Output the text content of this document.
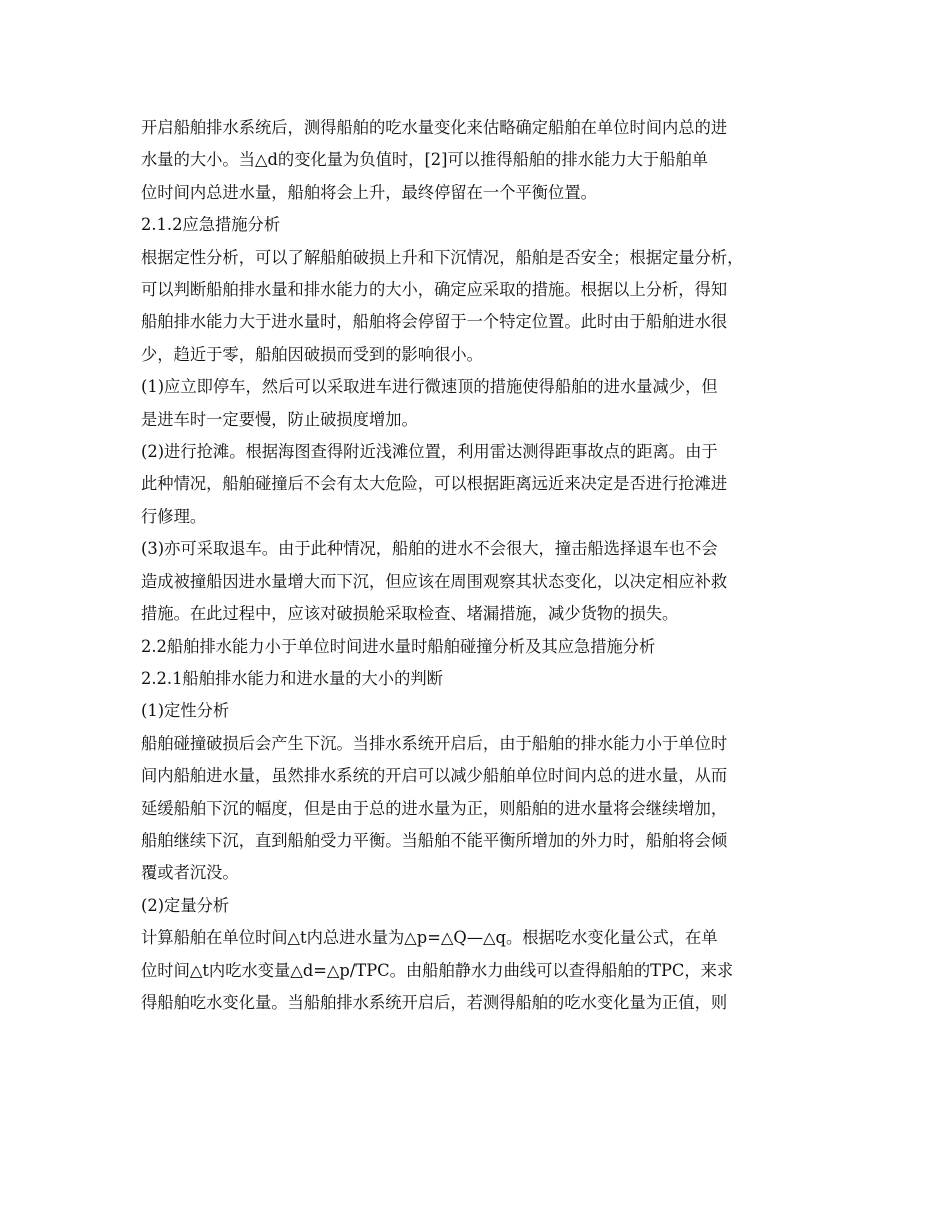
开启船舶排水系统后，测得船舶的吃水量变化来估略确定船舶在单位时间内总的进
水量的大小。当△d的变化量为负值时，[2]可以推得船舶的排水能力大于船舶单
位时间内总进水量，船舶将会上升，最终停留在一个平衡位置。
2.1.2应急措施分析
根据定性分析，可以了解船舶破损上升和下沉情况，船舶是否安全；根据定量分析，
可以判断船舶排水量和排水能力的大小，确定应采取的措施。根据以上分析，得知
船舶排水能力大于进水量时，船舶将会停留于一个特定位置。此时由于船舶进水很
少，趋近于零，船舶因破损而受到的影响很小。
(1)应立即停车，然后可以采取进车进行微速顶的措施使得船舶的进水量减少，但
是进车时一定要慢，防止破损度增加。
(2)进行抢滩。根据海图查得附近浅滩位置，利用雷达测得距事故点的距离。由于
此种情况，船舶碰撞后不会有太大危险，可以根据距离远近来决定是否进行抢滩进
行修理。
(3)亦可采取退车。由于此种情况，船舶的进水不会很大，撞击船选择退车也不会
造成被撞船因进水量增大而下沉，但应该在周围观察其状态变化，以决定相应补救
措施。在此过程中，应该对破损舱采取检查、堵漏措施，减少货物的损失。
2.2船舶排水能力小于单位时间进水量时船舶碰撞分析及其应急措施分析
2.2.1船舶排水能力和进水量的大小的判断
(1)定性分析
船舶碰撞破损后会产生下沉。当排水系统开启后，由于船舶的排水能力小于单位时
间内船舶进水量，虽然排水系统的开启可以减少船舶单位时间内总的进水量，从而
延缓船舶下沉的幅度，但是由于总的进水量为正，则船舶的进水量将会继续增加，
船舶继续下沉，直到船舶受力平衡。当船舶不能平衡所增加的外力时，船舶将会倾
覆或者沉没。
(2)定量分析
计算船舶在单位时间△t内总进水量为△p=△Q—△q。根据吃水变化量公式，在单
位时间△t内吃水变量△d=△p/TPC。由船舶静水力曲线可以查得船舶的TPC，来求
得船舶吃水变化量。当船舶排水系统开启后，若测得船舶的吃水变化量为正值，则
